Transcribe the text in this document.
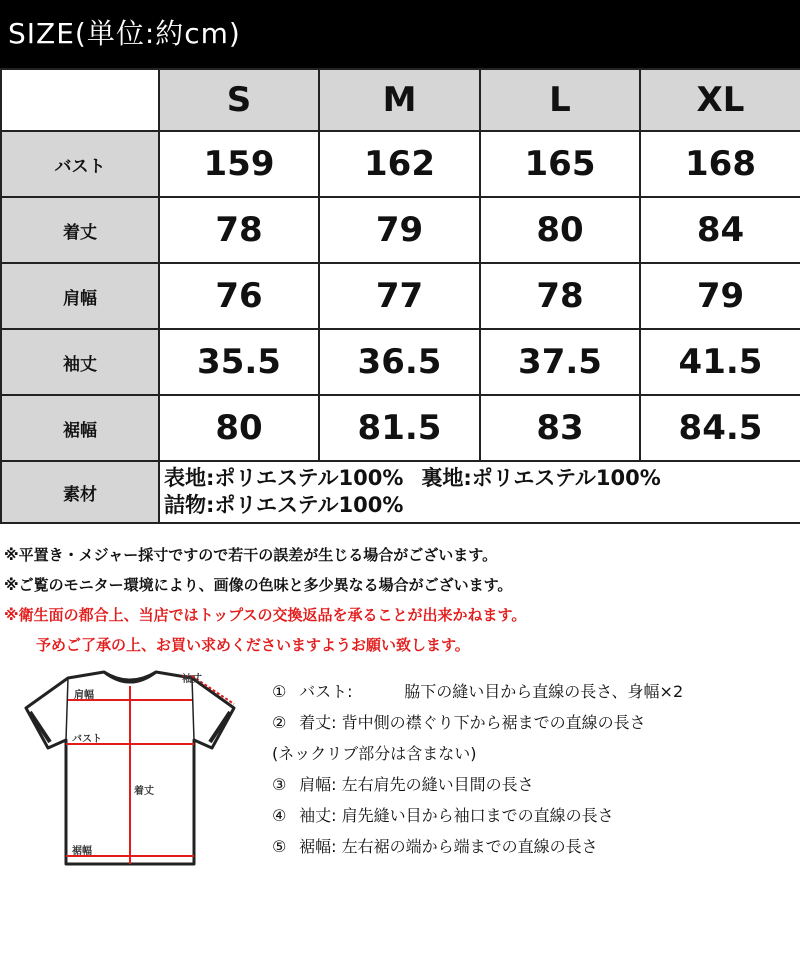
SIZE(単位:約cm)
	S	M	L	XL
バスト	159	162	165	168
着丈	78	79	80	84
肩幅	76	77	78	79
袖丈	35.5	36.5	37.5	41.5
裾幅	80	81.5	83	84.5
素材	表地:ポリエステル100% 裏地:ポリエステル100%
詰物:ポリエステル100%			
※平置き・メジャー採寸ですので若干の誤差が生じる場合がございます。
※ご覧のモニター環境により、画像の色味と多少異なる場合がございます。
※衛生面の都合上、当店ではトップスの交換返品を承ることが出来かねます。
予めご了承の上、お買い求めくださいますようお願い致します。
袖丈
肩幅
バスト
着丈
裾幅
① バスト:	脇下の縫い目から直線の長さ、身幅×2
② 着丈: 背中側の襟ぐり下から裾までの直線の長さ
(ネックリブ部分は含まない)
③ 肩幅: 左右肩先の縫い目間の長さ
④ 袖丈: 肩先縫い目から袖口までの直線の長さ
⑤ 裾幅: 左右裾の端から端までの直線の長さ
